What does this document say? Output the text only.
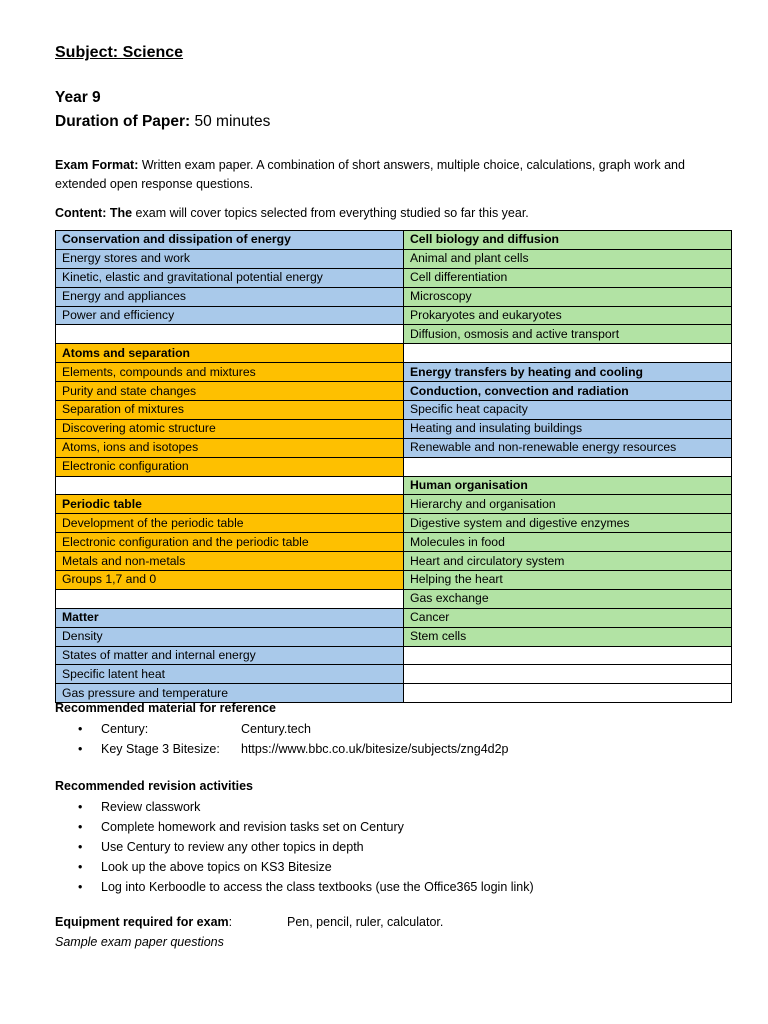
Subject: Science
Year 9
Duration of Paper: 50 minutes
Exam Format: Written exam paper. A combination of short answers, multiple choice, calculations, graph work and extended open response questions.
Content: The exam will cover topics selected from everything studied so far this year.
Conservation and dissipation of energy	Cell biology and diffusion
Energy stores and work	Animal and plant cells
Kinetic, elastic and gravitational potential energy	Cell differentiation
Energy and appliances	Microscopy
Power and efficiency	Prokaryotes and eukaryotes
	Diffusion, osmosis and active transport
Atoms and separation	
Elements, compounds and mixtures	Energy transfers by heating and cooling
Purity and state changes	Conduction, convection and radiation
Separation of mixtures	Specific heat capacity
Discovering atomic structure	Heating and insulating buildings
Atoms, ions and isotopes	Renewable and non-renewable energy resources
Electronic configuration	
	Human organisation
Periodic table	Hierarchy and organisation
Development of the periodic table	Digestive system and digestive enzymes
Electronic configuration and the periodic table	Molecules in food
Metals and non-metals	Heart and circulatory system
Groups 1,7 and 0	Helping the heart
	Gas exchange
Matter	Cancer
Density	Stem cells
States of matter and internal energy	
Specific latent heat	
Gas pressure and temperature	
Recommended material for reference
• Century:	Century.tech
• Key Stage 3 Bitesize: https://www.bbc.co.uk/bitesize/subjects/zng4d2p
Recommended revision activities
• Review classwork
• Complete homework and revision tasks set on Century
• Use Century to review any other topics in depth
• Look up the above topics on KS3 Bitesize
• Log into Kerboodle to access the class textbooks (use the Office365 login link)
Equipment required for exam:	Pen, pencil, ruler, calculator.
Sample exam paper questions
